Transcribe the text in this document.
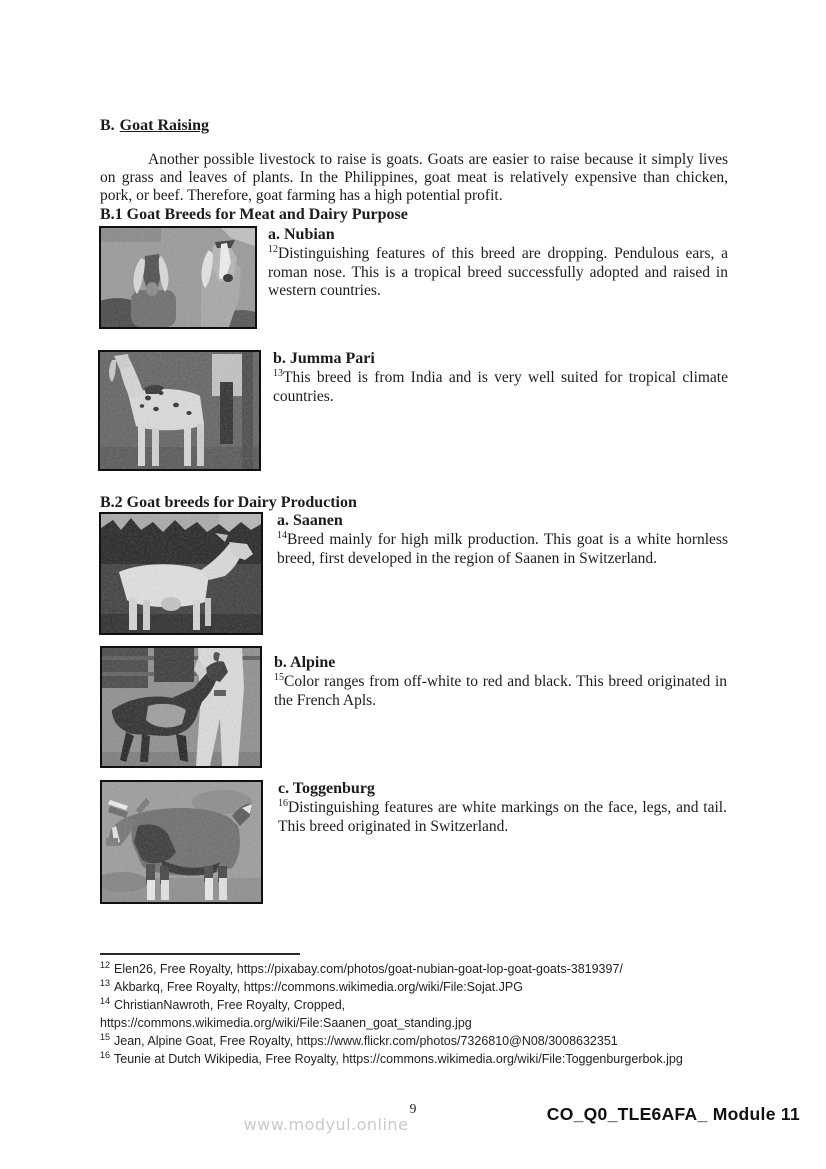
B. Goat Raising

Another possible livestock to raise is goats. Goats are easier to raise because it simply lives on grass and leaves of plants. In the Philippines, goat meat is relatively expensive than chicken, pork, or beef. Therefore, goat farming has a high potential profit.

B.1 Goat Breeds for Meat and Dairy Purpose
a. Nubian
$^{12}$Distinguishing features of this breed are dropping. Pendulous ears, a roman nose. This is a tropical breed successfully adopted and raised in western countries.
b. Jumma Pari
$^{13}$This breed is from India and is very well suited for tropical climate countries.
B.2 Goat breeds for Dairy Production
a. Saanen
$^{14}$Breed mainly for high milk production. This goat is a white hornless breed, first developed in the region of Saanen in Switzerland.
b. Alpine
$^{15}$Color ranges from off-white to red and black. This breed originated in the French Apls.
c. Toggenburg
$^{16}$Distinguishing features are white markings on the face, legs, and tail. This breed originated in Switzerland.
$^{12}$ Elen26, Free Royalty, https://pixabay.com/photos/goat-nubian-goat-lop-goat-goats-3819397/
$^{13}$ Akbarkq, Free Royalty, https://commons.wikimedia.org/wiki/File:Sojat.JPG
$^{14}$ ChristianNawroth, Free Royalty, Cropped,
https://commons.wikimedia.org/wiki/File:Saanen_goat_standing.jpg
$^{15}$ Jean, Alpine Goat, Free Royalty, https://www.flickr.com/photos/7326810@N08/3008632351
$^{16}$ Teunie at Dutch Wikipedia, Free Royalty, https://commons.wikimedia.org/wiki/File:Toggenburgerbok.jpg
9
www.modyul.online
CO_Q0_TLE6AFA_ Module 11
